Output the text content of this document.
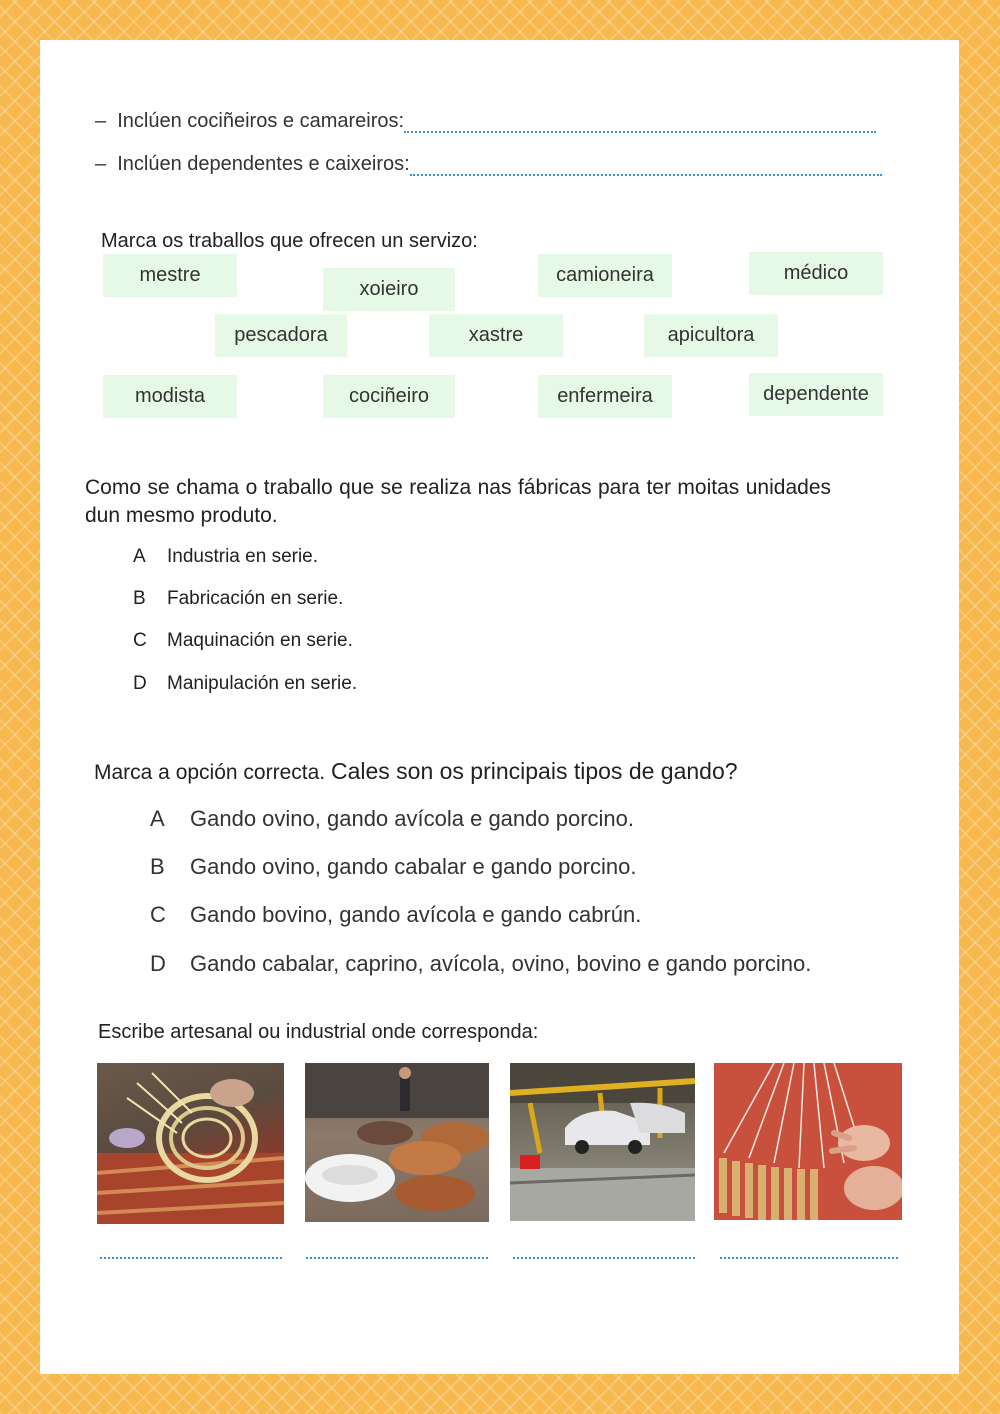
– Inclúen cociñeiros e camareiros:
– Inclúen dependentes e caixeiros:
Marca os traballos que ofrecen un servizo:
mestre
xoieiro
camioneira	médico
pescadora	xastre	apicultora
modista	cociñeiro	enfermeira	dependente
Como se chama o traballo que se realiza nas fábricas para ter moitas unidades dun mesmo produto.
A	Industria en serie.
B	Fabricación en serie.
C	Maquinación en serie.
D	Manipulación en serie.
Marca a opción correcta. Cales son os principais tipos de gando?
A	Gando ovino, gando avícola e gando porcino.
B	Gando ovino, gando cabalar e gando porcino.
C	Gando bovino, gando avícola e gando cabrún.
D	Gando cabalar, caprino, avícola, ovino, bovino e gando porcino.
Escribe artesanal ou industrial onde corresponda:
